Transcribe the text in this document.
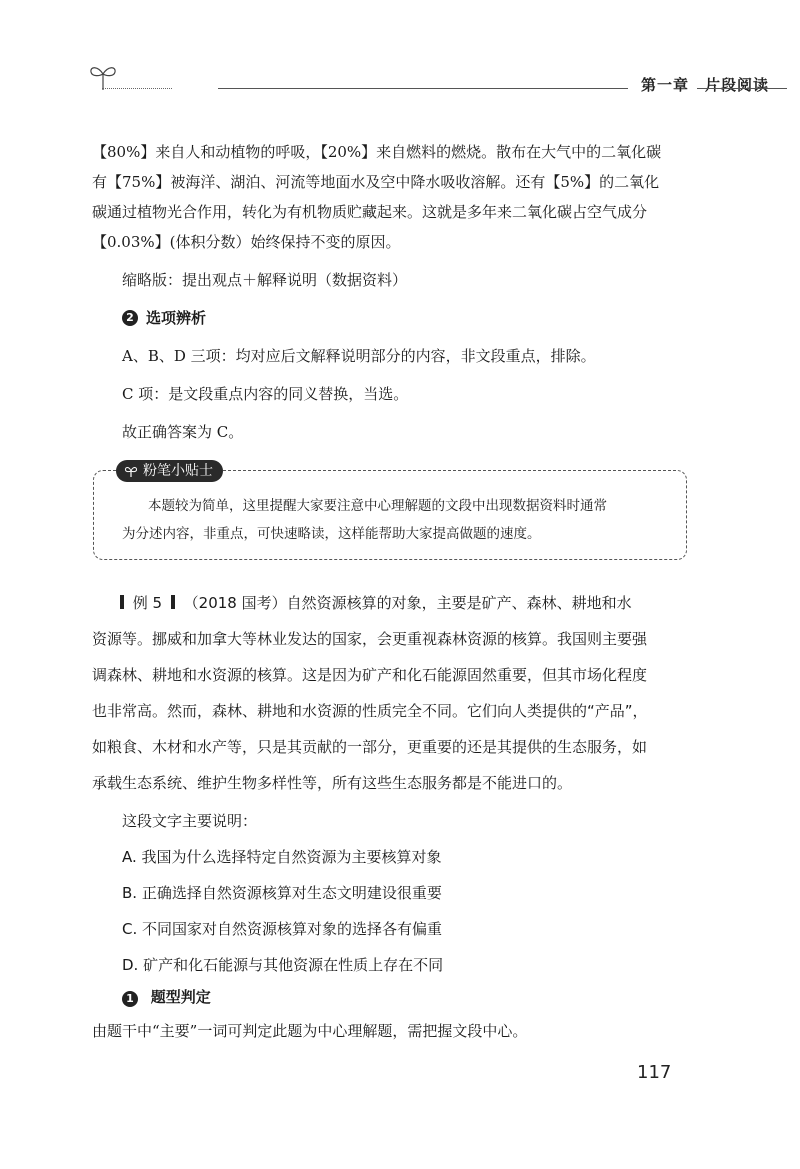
第一章　片段阅读
【80%】来自人和动植物的呼吸，【20%】来自燃料的燃烧。散布在大气中的二氧化碳
有【75%】被海洋、湖泊、河流等地面水及空中降水吸收溶解。还有【5%】的二氧化
碳通过植物光合作用，转化为有机物质贮藏起来。这就是多年来二氧化碳占空气成分
【0.03%】(体积分数）始终保持不变的原因。
缩略版：提出观点＋解释说明（数据资料）
2 选项辨析
A、B、D 三项：均对应后文解释说明部分的内容，非文段重点，排除。
C 项：是文段重点内容的同义替换，当选。
故正确答案为 C。
粉笔小贴士
本题较为简单，这里提醒大家要注意中心理解题的文段中出现数据资料时通常
为分述内容，非重点，可快速略读，这样能帮助大家提高做题的速度。
例 5 （2018 国考）自然资源核算的对象，主要是矿产、森林、耕地和水
资源等。挪威和加拿大等林业发达的国家，会更重视森林资源的核算。我国则主要强
调森林、耕地和水资源的核算。这是因为矿产和化石能源固然重要，但其市场化程度
也非常高。然而，森林、耕地和水资源的性质完全不同。它们向人类提供的“产品”，
如粮食、木材和水产等，只是其贡献的一部分，更重要的还是其提供的生态服务，如
承载生态系统、维护生物多样性等，所有这些生态服务都是不能进口的。
这段文字主要说明：
A. 我国为什么选择特定自然资源为主要核算对象
B. 正确选择自然资源核算对生态文明建设很重要
C. 不同国家对自然资源核算对象的选择各有偏重
D. 矿产和化石能源与其他资源在性质上存在不同
1 题型判定
由题干中“主要”一词可判定此题为中心理解题，需把握文段中心。
117
